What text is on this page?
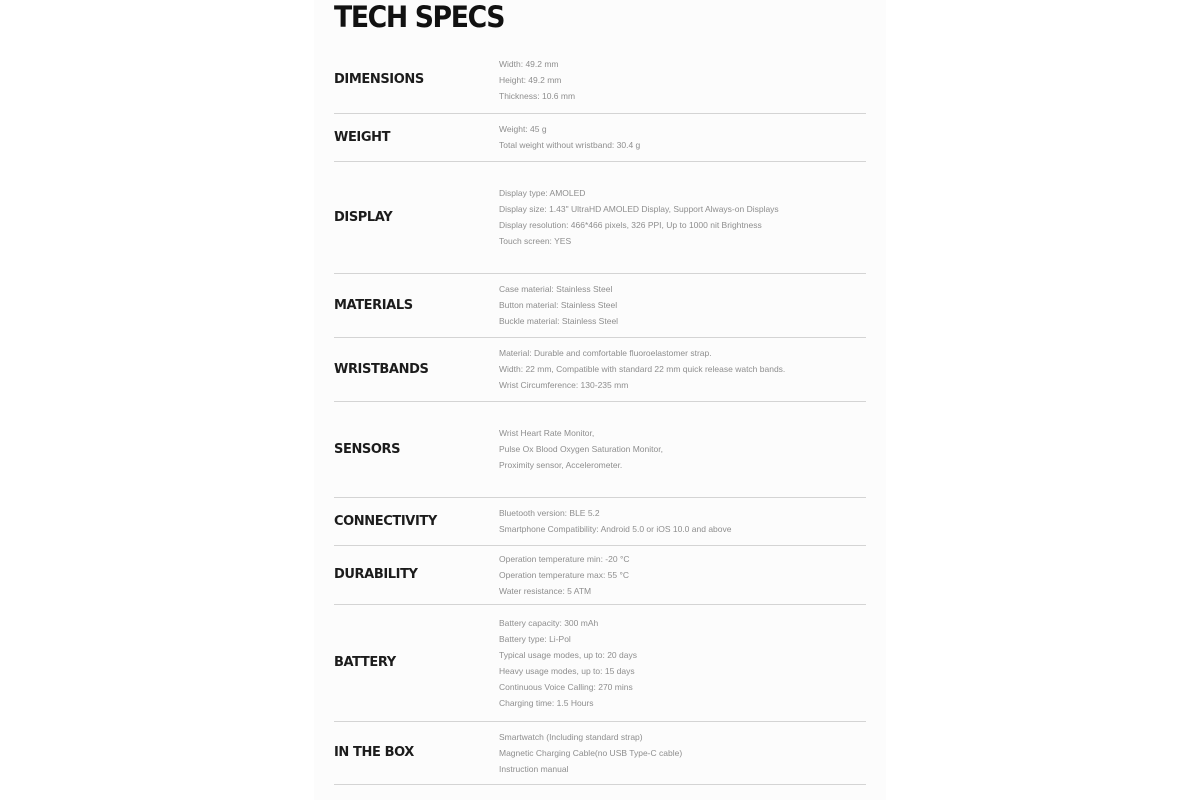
TECH SPECS
DIMENSIONS
Width: 49.2 mm
Height: 49.2 mm
Thickness: 10.6 mm
WEIGHT
Weight: 45 g
Total weight without wristband: 30.4 g
DISPLAY
Display type: AMOLED
Display size: 1.43" UltraHD AMOLED Display, Support Always-on Displays
Display resolution: 466*466 pixels, 326 PPI, Up to 1000 nit Brightness
Touch screen: YES
MATERIALS
Case material: Stainless Steel
Button material: Stainless Steel
Buckle material: Stainless Steel
WRISTBANDS
Material: Durable and comfortable fluoroelastomer strap.
Width: 22 mm, Compatible with standard 22 mm quick release watch bands.
Wrist Circumference: 130-235 mm
SENSORS
Wrist Heart Rate Monitor,
Pulse Ox Blood Oxygen Saturation Monitor,
Proximity sensor, Accelerometer.
CONNECTIVITY
Bluetooth version: BLE 5.2
Smartphone Compatibility: Android 5.0 or iOS 10.0 and above
DURABILITY
Operation temperature min: -20 °C
Operation temperature max: 55 °C
Water resistance: 5 ATM
BATTERY
Battery capacity: 300 mAh
Battery type: Li-Pol
Typical usage modes, up to: 20 days
Heavy usage modes, up to: 15 days
Continuous Voice Calling: 270 mins
Charging time: 1.5 Hours
IN THE BOX
Smartwatch (Including standard strap)
Magnetic Charging Cable(no USB Type-C cable)
Instruction manual
